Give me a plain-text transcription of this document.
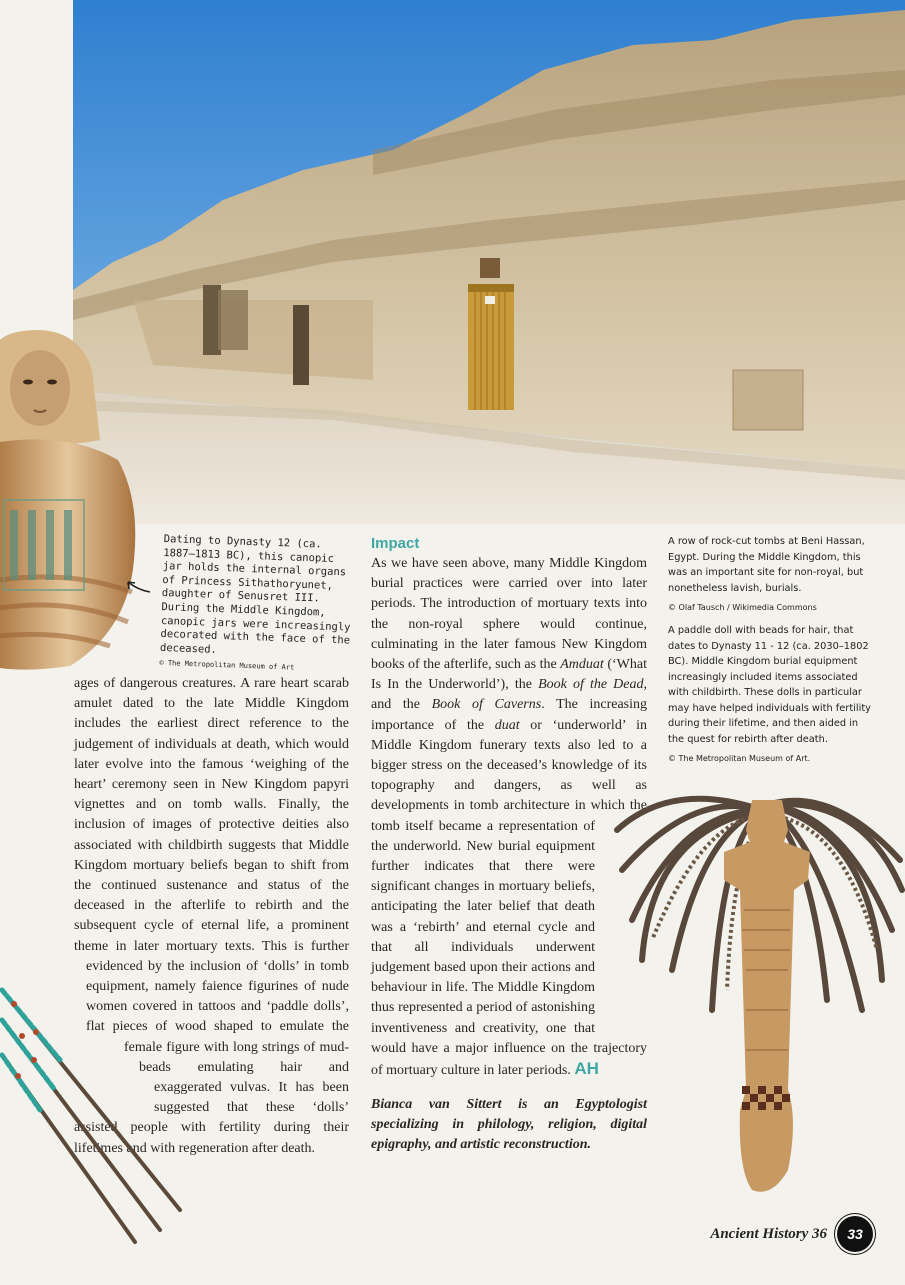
Dating to Dynasty 12 (ca. 1887–1813 BC), this canopic jar holds the internal organs of Princess Sithathoryunet, daughter of Senusret III. During the Middle Kingdom, canopic jars were increasingly decorated with the face of the deceased.
© The Metropolitan Museum of Art

ages of dangerous creatures. A rare heart scarab amulet dated to the late Middle Kingdom includes the earliest direct reference to the judgement of individuals at death, which would later evolve into the famous ‘weighing of the heart’ ceremony seen in New Kingdom papyri vignettes and on tomb walls. Finally, the inclusion of images of protective deities also associated with childbirth suggests that Middle Kingdom mortuary beliefs began to shift from the continued sustenance and status of the deceased in the afterlife to rebirth and the subsequent cycle of eternal life, a prominent theme in later mortuary texts. This is further evidenced by the inclusion of ‘dolls’ in tomb equipment, namely faience figurines of nude women covered in tattoos and ‘paddle dolls’, flat pieces of wood shaped to emulate the female figure with long strings of mud-beads emulating hair and exaggerated vulvas. It has been suggested that these ‘dolls’ assisted people with fertility during their lifetimes and with regeneration after death.

Impact

As we have seen above, many Middle Kingdom burial practices were carried over into later periods. The introduction of mortuary texts into the non-royal sphere would continue, culminating in the later famous New Kingdom books of the afterlife, such as the Amduat (‘What Is In the Underworld’), the Book of the Dead, and the Book of Caverns. The increasing importance of the duat or ‘underworld’ in Middle Kingdom funerary texts also led to a bigger stress on the deceased’s knowledge of its topography and dangers, as well as developments in tomb architecture in which the tomb itself became a representation of the underworld. New burial equipment further indicates that there were significant changes in mortuary beliefs, anticipating the later belief that death was a ‘rebirth’ and eternal cycle and that all individuals underwent judgement based upon their actions and behaviour in life. The Middle Kingdom thus represented a period of astonishing inventiveness and creativity, one that would have a major influence on the trajectory of mortuary culture in later periods. AH

Bianca van Sittert is an Egyptologist specializing in philology, religion, digital epigraphy, and artistic reconstruction.

A row of rock-cut tombs at Beni Hassan, Egypt. During the Middle Kingdom, this was an important site for non-royal, but nonetheless lavish, burials.

© Olaf Tausch / Wikimedia Commons

A paddle doll with beads for hair, that dates to Dynasty 11 - 12 (ca. 2030–1802 BC). Middle Kingdom burial equipment increasingly included items associated with childbirth. These dolls in particular may have helped individuals with fertility during their lifetime, and then aided in the quest for rebirth after death.

© The Metropolitan Museum of Art.

Ancient History 36	33
